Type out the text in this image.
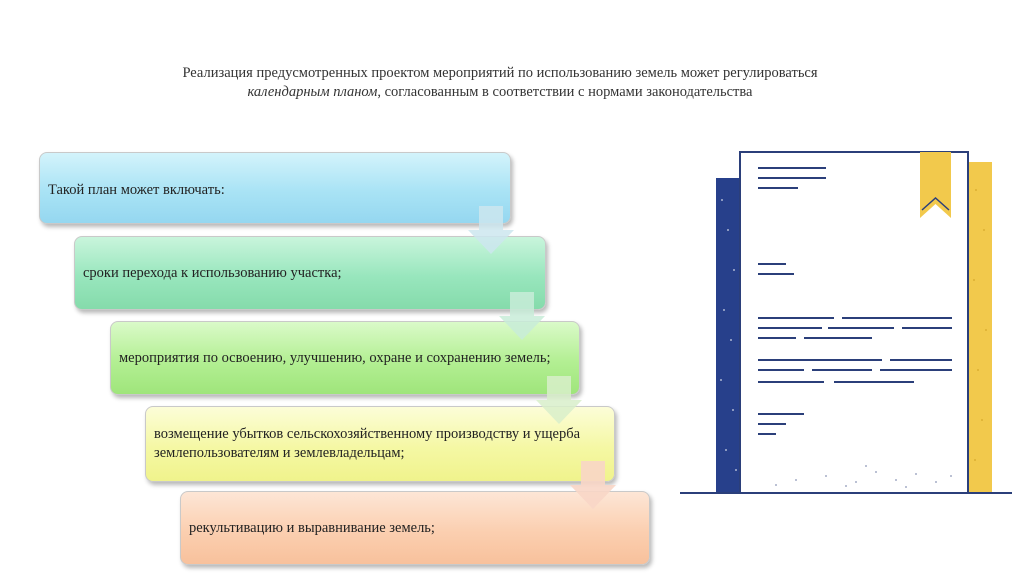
Реализация предусмотренных проектом мероприятий по использованию земель может регулироваться
календарным планом, согласованным в соответствии с нормами законодательства
Такой план может включать:
сроки перехода к использованию участка;
мероприятия по освоению, улучшению, охране и сохранению земель;
возмещение убытков сельскохозяйственному производству и ущерба землепользователям и землевладельцам;
рекультивацию и выравнивание земель;
